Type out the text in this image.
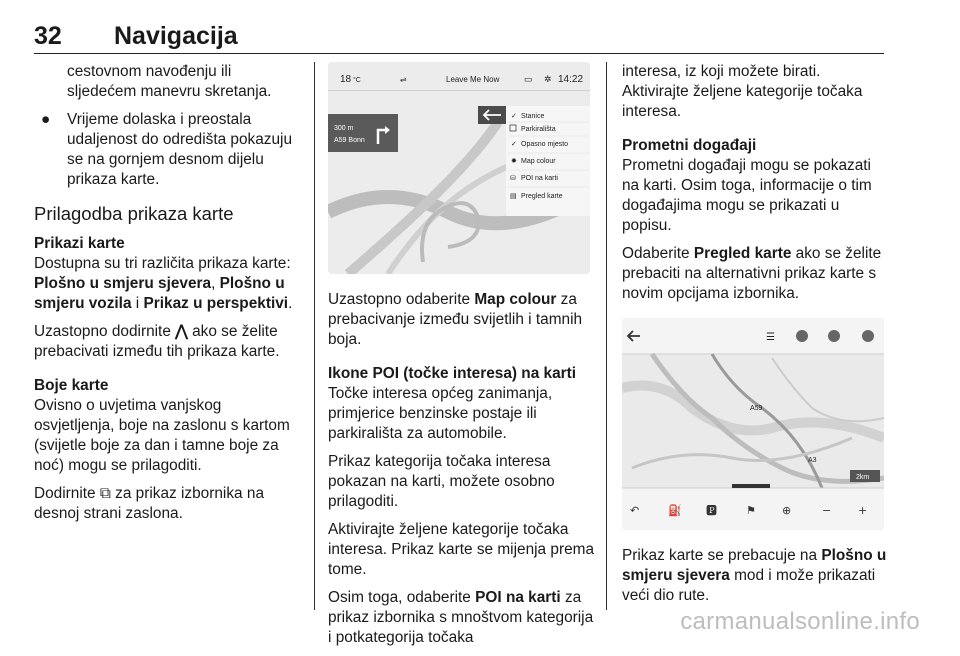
32 Navigacija

cestovnom navođenju ili
sljedećem manevru skretanja.

● Vrijeme dolaska i preostala udaljenost do odredišta pokazuju se na gornjem desnom dijelu prikaza karte.

Prilagodba prikaza karte
Prikazi karte

Dostupna su tri različita prikaza karte: Plošno u smjeru sjevera, Plošno u smjeru vozila i Prikaz u perspektivi.

Uzastopno dodirnite ⋀ ako se želite prebacivati između tih prikaza karte.

Boje karte

Ovisno o uvjetima vanjskog osvjetljenja, boje na zaslonu s kartom (svijetle boje za dan i tamne boje za noć) mogu se prilagoditi.

Dodirnite ⧉ za prikaz izbornika na desnoj strani zaslona.

18 °C	⇌	Leave Me Now	▭ ✲ 14:22
300 m
A59 Bonn
✓ Stanice
Parkirališta
✓ Opasno mjesto
✹ Map colour
⛁ POI na karti
▤ Pregled karte

Uzastopno odaberite Map colour za prebacivanje između svijetlih i tamnih boja.

Ikone POI (točke interesa) na karti

Točke interesa općeg zanimanja, primjerice benzinske postaje ili parkirališta za automobile.

Prikaz kategorija točaka interesa pokazan na karti, možete osobno prilagoditi.

Aktivirajte željene kategorije točaka interesa. Prikaz karte se mijenja prema tome.

Osim toga, odaberite POI na karti za prikaz izbornika s mnoštvom kategorija i potkategorija točaka

interesa, iz koji možete birati. Aktivirajte željene kategorije točaka interesa.

Prometni događaji

Prometni događaji mogu se pokazati na karti. Osim toga, informacije o tim događajima mogu se prikazati u popisu.

Odaberite Pregled karte ako se želite prebaciti na alternativni prikaz karte s novim opcijama izbornika.

☰
A59
A3
2km
↶	⛽ 🅿	⚑ ⊕	− +

Prikaz karte se prebacuje na Plošno u smjeru sjevera mod i može prikazati veći dio rute.

carmanualsonline.info
